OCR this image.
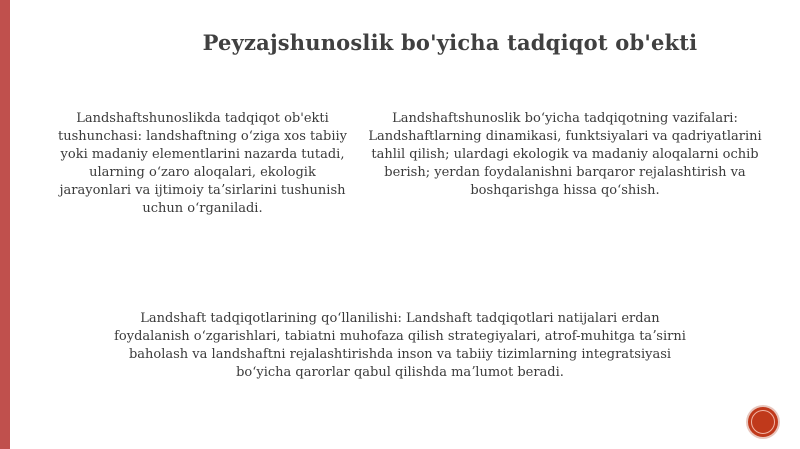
Peyzajshunoslik bo'yicha tadqiqot ob'ekti
Landshaftshunoslikda tadqiqot ob'ekti tushunchasi: landshaftning oʻziga xos tabiiy yoki madaniy elementlarini nazarda tutadi, ularning oʻzaro aloqalari, ekologik jarayonlari va ijtimoiy taʼsirlarini tushunish uchun oʻrganiladi.
Landshaftshunoslik boʻyicha tadqiqotning vazifalari: Landshaftlarning dinamikasi, funktsiyalari va qadriyatlarini tahlil qilish; ulardagi ekologik va madaniy aloqalarni ochib berish; yerdan foydalanishni barqaror rejalashtirish va boshqarishga hissa qoʻshish.
Landshaft tadqiqotlarining qoʻllanilishi: Landshaft tadqiqotlari natijalari erdan foydalanish oʻzgarishlari, tabiatni muhofaza qilish strategiyalari, atrof-muhitga taʼsirni baholash va landshaftni rejalashtirishda inson va tabiiy tizimlarning integratsiyasi boʻyicha qarorlar qabul qilishda maʼlumot beradi.
